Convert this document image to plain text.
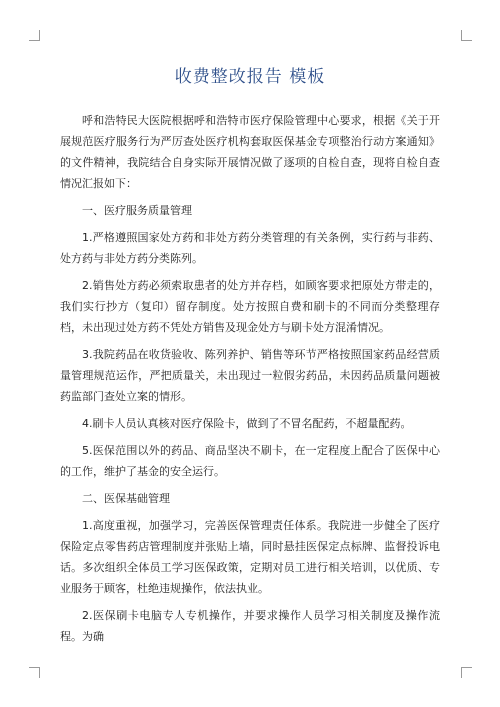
收费整改报告 模板

呼和浩特民大医院根据呼和浩特市医疗保险管理中心要求，根据《关于开展规范医疗服务行为严厉查处医疗机构套取医保基金专项整治行动方案通知》的文件精神，我院结合自身实际开展情况做了逐项的自检自查，现将自检自查情况汇报如下：

一、医疗服务质量管理

1.严格遵照国家处方药和非处方药分类管理的有关条例，实行药与非药、处方药与非处方药分类陈列。

2.销售处方药必须索取患者的处方并存档，如顾客要求把原处方带走的，我们实行抄方（复印）留存制度。处方按照自费和刷卡的不同而分类整理存档，未出现过处方药不凭处方销售及现金处方与刷卡处方混淆情况。

3.我院药品在收货验收、陈列养护、销售等环节严格按照国家药品经营质量管理规范运作，严把质量关，未出现过一粒假劣药品，未因药品质量问题被药监部门查处立案的情形。

4.刷卡人员认真核对医疗保险卡，做到了不冒名配药，不超量配药。

5.医保范围以外的药品、商品坚决不刷卡，在一定程度上配合了医保中心的工作，维护了基金的安全运行。

二、医保基础管理

1.高度重视，加强学习，完善医保管理责任体系。我院进一步健全了医疗保险定点零售药店管理制度并张贴上墙，同时悬挂医保定点标牌、监督投诉电话。多次组织全体员工学习医保政策，定期对员工进行相关培训，以优质、专业服务于顾客，杜绝违规操作，依法执业。

2.医保刷卡电脑专人专机操作，并要求操作人员学习相关制度及操作流程。为确
